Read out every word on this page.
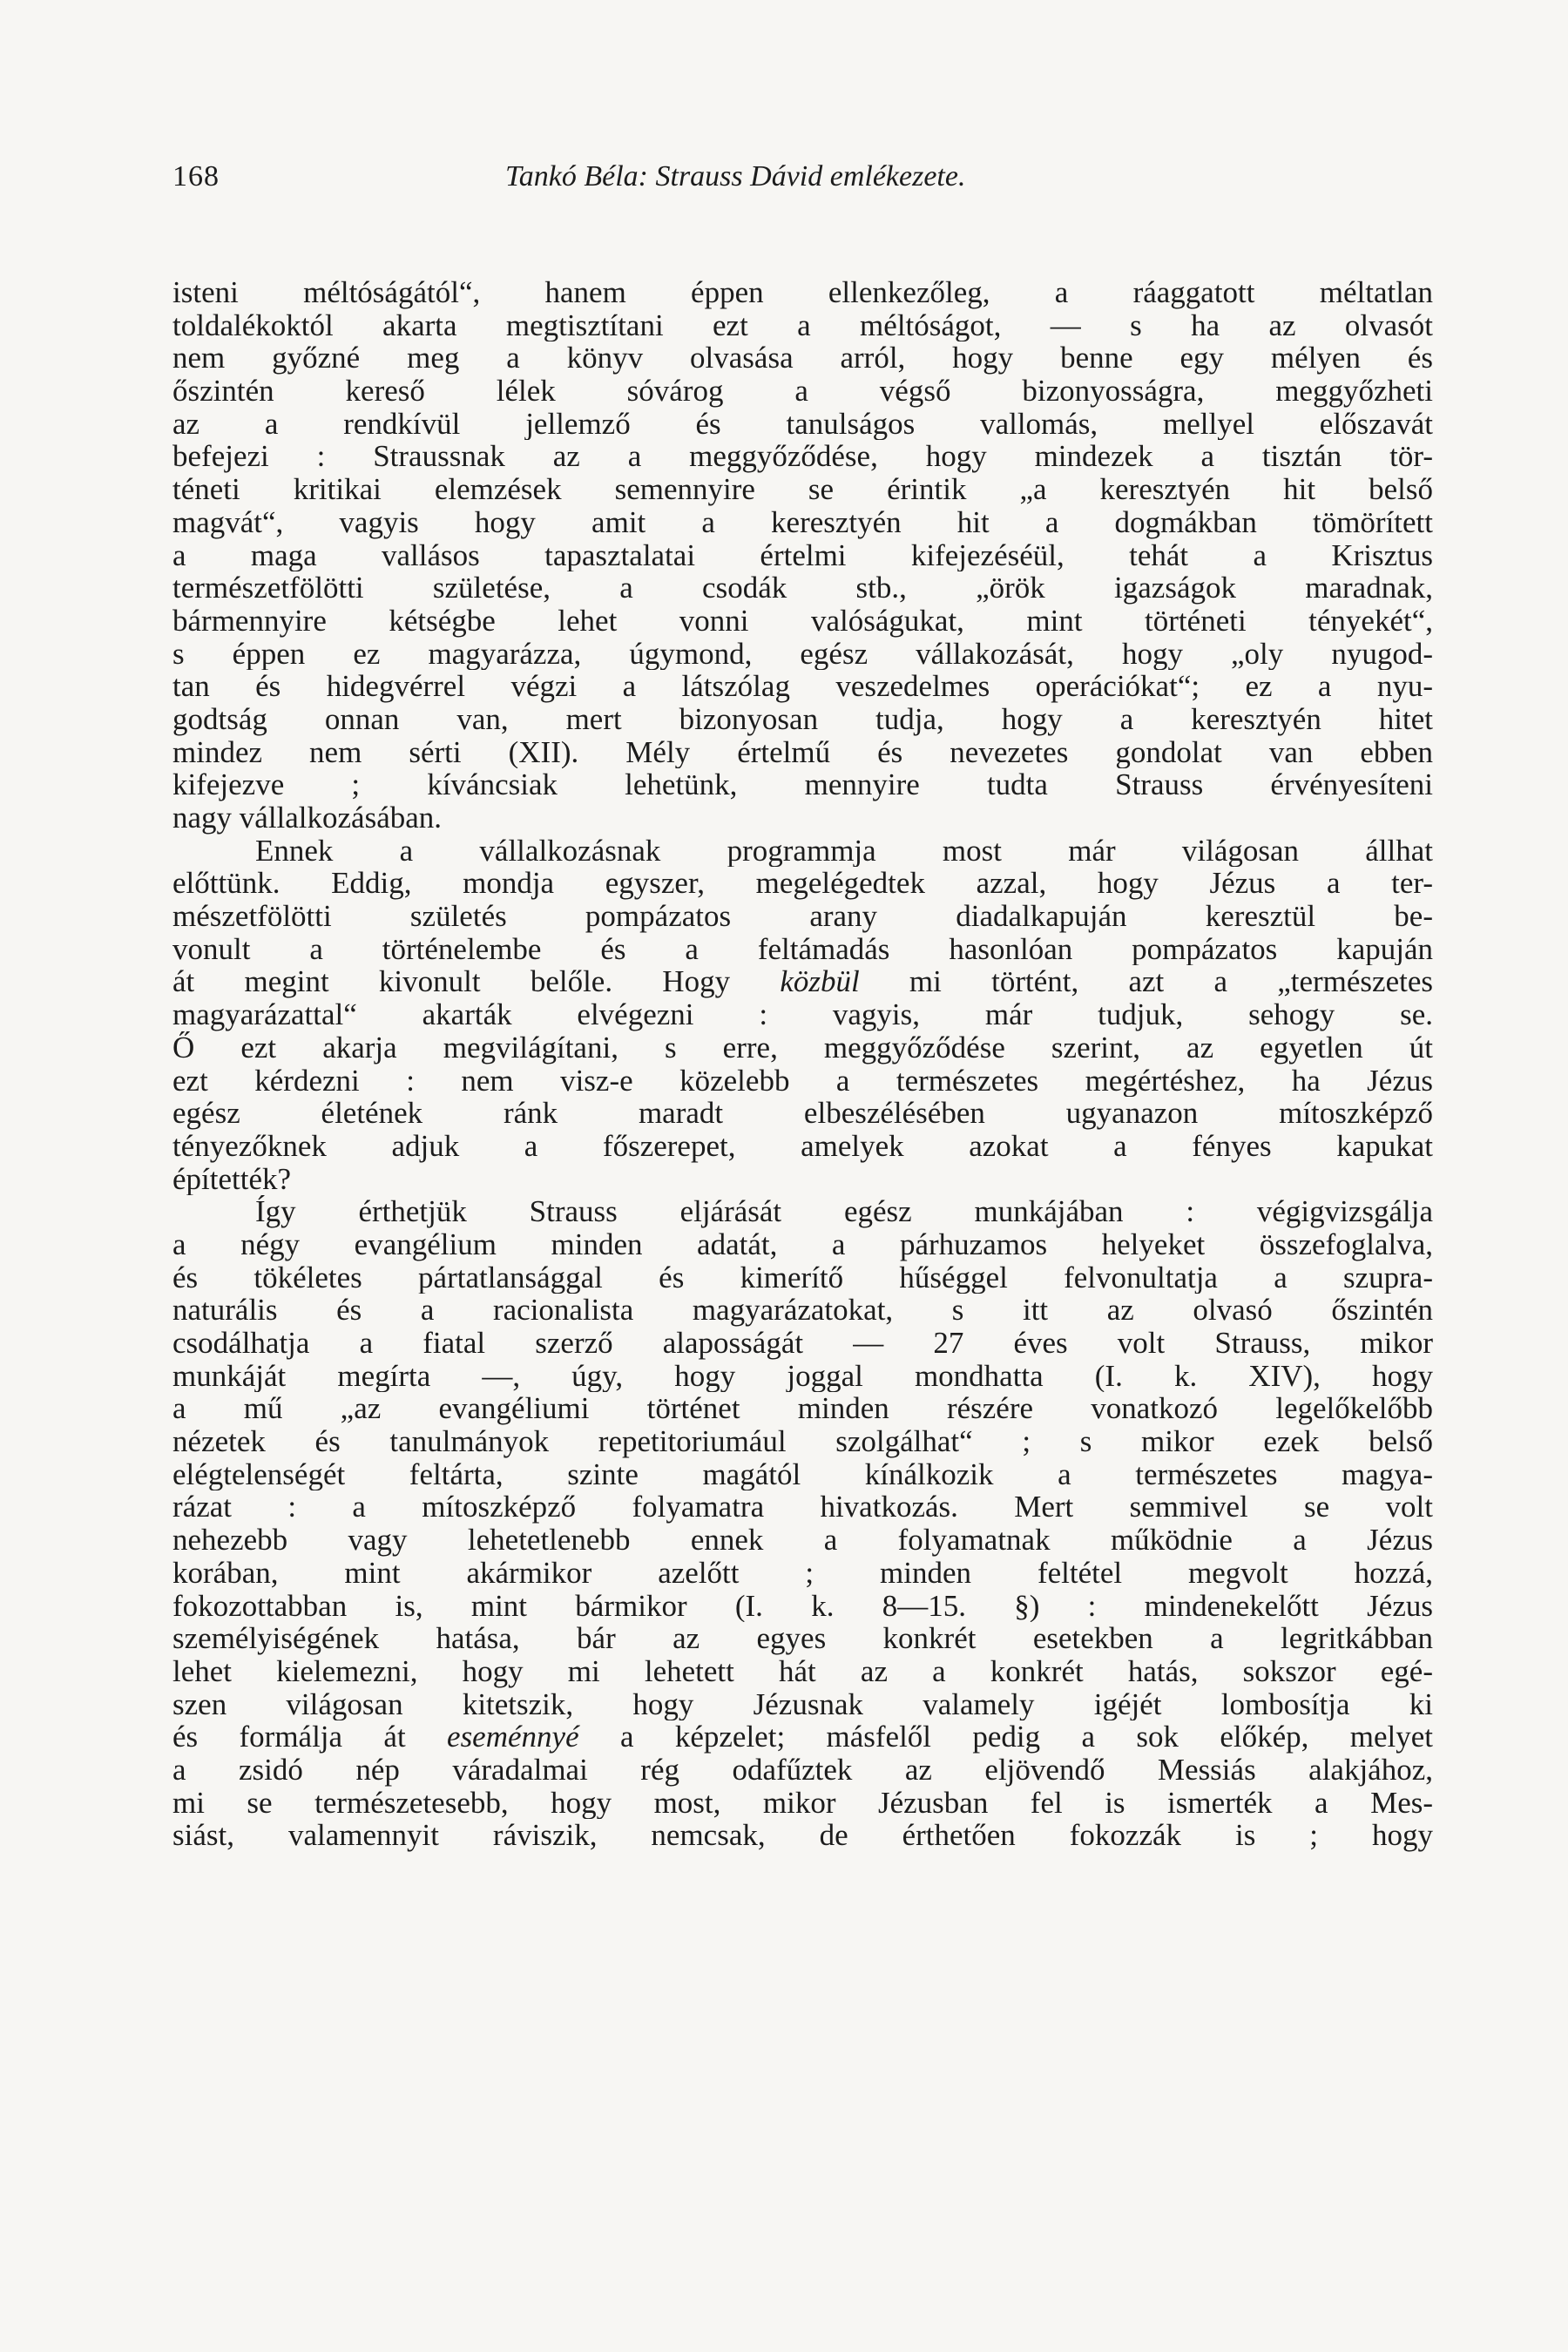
168	Tankó Béla: Strauss Dávid emlékezete.
isteni méltóságától“, hanem éppen ellenkezőleg, a ráaggatott méltatlan
toldalékoktól akarta megtisztítani ezt a méltóságot, — s ha az olvasót
nem győzné meg a könyv olvasása arról, hogy benne egy mélyen és
őszintén kereső lélek sóvárog a végső bizonyosságra, meggyőzheti
az a rendkívül jellemző és tanulságos vallomás, mellyel előszavát
befejezi : Straussnak az a meggyőződése, hogy mindezek a tisztán tör-
téneti kritikai elemzések semennyire se érintik „a keresztyén hit belső
magvát“, vagyis hogy amit a keresztyén hit a dogmákban tömörített
a maga vallásos tapasztalatai értelmi kifejezéséül, tehát a Krisztus
természetfölötti születése, a csodák stb., „örök igazságok maradnak,
bármennyire kétségbe lehet vonni valóságukat, mint történeti tényekét“,
s éppen ez magyarázza, úgymond, egész vállakozását, hogy „oly nyugod-
tan és hidegvérrel végzi a látszólag veszedelmes operációkat“; ez a nyu-
godtság onnan van, mert bizonyosan tudja, hogy a keresztyén hitet
mindez nem sérti (XII). Mély értelmű és nevezetes gondolat van ebben
kifejezve ; kíváncsiak lehetünk, mennyire tudta Strauss érvényesíteni
nagy vállalkozásában.
Ennek a vállalkozásnak programmja most már világosan állhat
előttünk. Eddig, mondja egyszer, megelégedtek azzal, hogy Jézus a ter-
mészetfölötti születés pompázatos arany diadalkapuján keresztül be-
vonult a történelembe és a feltámadás hasonlóan pompázatos kapuján
át megint kivonult belőle. Hogy közbül mi történt, azt a „természetes
magyarázattal“ akarták elvégezni : vagyis, már tudjuk, sehogy se.
Ő ezt akarja megvilágítani, s erre, meggyőződése szerint, az egyetlen út
ezt kérdezni : nem visz-e közelebb a természetes megértéshez, ha Jézus
egész életének ránk maradt elbeszélésében ugyanazon mítoszképző
tényezőknek adjuk a főszerepet, amelyek azokat a fényes kapukat
építették?
Így érthetjük Strauss eljárását egész munkájában : végigvizsgálja
a négy evangélium minden adatát, a párhuzamos helyeket összefoglalva,
és tökéletes pártatlansággal és kimerítő hűséggel felvonultatja a szupra-
naturális és a racionalista magyarázatokat, s itt az olvasó őszintén
csodálhatja a fiatal szerző alaposságát — 27 éves volt Strauss, mikor
munkáját megírta —, úgy, hogy joggal mondhatta (I. k. XIV), hogy
a mű „az evangéliumi történet minden részére vonatkozó legelőkelőbb
nézetek és tanulmányok repetitoriumául szolgálhat“ ; s mikor ezek belső
elégtelenségét feltárta, szinte magától kínálkozik a természetes magya-
rázat : a mítoszképző folyamatra hivatkozás. Mert semmivel se volt
nehezebb vagy lehetetlenebb ennek a folyamatnak működnie a Jézus
korában, mint akármikor azelőtt ; minden feltétel megvolt hozzá,
fokozottabban is, mint bármikor (I. k. 8—15. §) : mindenekelőtt Jézus
személyiségének hatása, bár az egyes konkrét esetekben a legritkábban
lehet kielemezni, hogy mi lehetett hát az a konkrét hatás, sokszor egé-
szen világosan kitetszik, hogy Jézusnak valamely igéjét lombosítja ki
és formálja át eseménnyé a képzelet; másfelől pedig a sok előkép, melyet
a zsidó nép váradalmai rég odafűztek az eljövendő Messiás alakjához,
mi se természetesebb, hogy most, mikor Jézusban fel is ismerték a Mes-
siást, valamennyit ráviszik, nemcsak, de érthetően fokozzák is ; hogy
